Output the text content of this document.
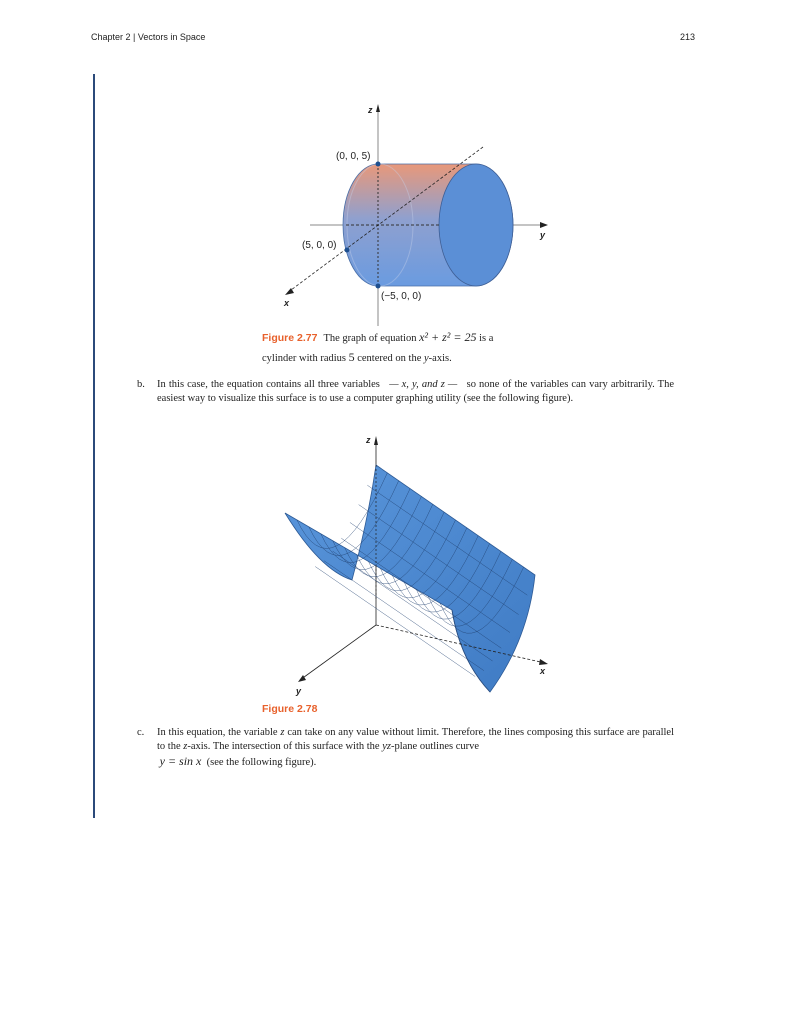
Chapter 2 | Vectors in Space	213
z
y
x
(0, 0, 5)
(5, 0, 0)
(−5, 0, 0)
z
x
y
Figure 2.77 The graph of equation x² + z² = 25 is a
cylinder with radius 5 centered on the y-axis.
b. In this case, the equation contains all three variables — x, y, and z — so none of the variables can vary arbitrarily. The easiest way to visualize this surface is to use a computer graphing utility (see the following figure).
Figure 2.78
c. In this equation, the variable z can take on any value without limit. Therefore, the lines composing this surface are parallel to the z-axis. The intersection of this surface with the yz-plane outlines curve
y = sin x (see the following figure).
